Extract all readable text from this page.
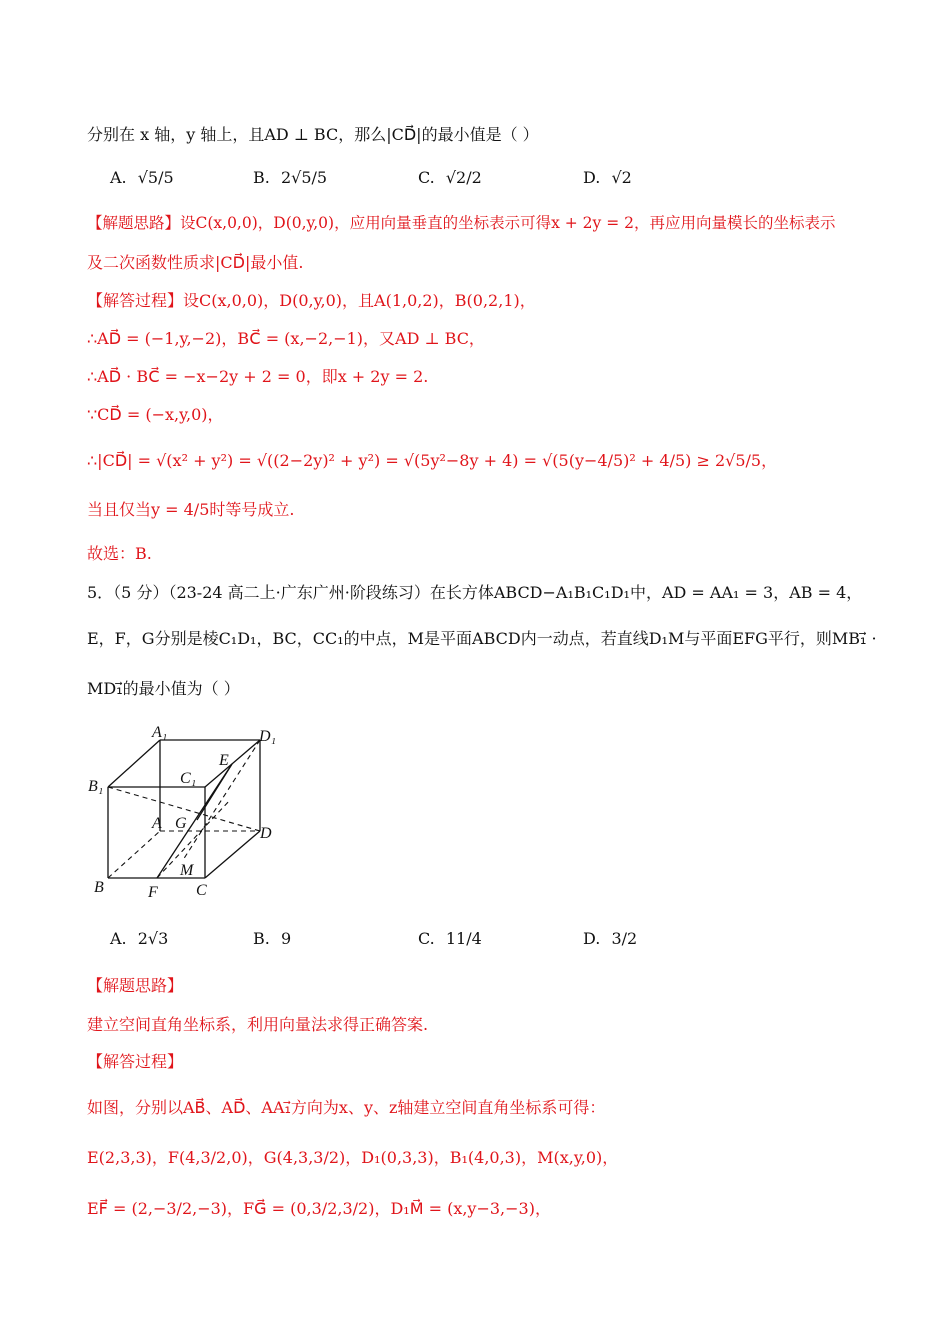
分别在 x 轴，y 轴上，且AD ⊥ BC，那么|CD⃗|的最小值是（ ）
A. √5/5	B. 2√5/5	C. √2/2	D. √2
【解题思路】设C(x,0,0)，D(0,y,0)，应用向量垂直的坐标表示可得x + 2y = 2，再应用向量模长的坐标表示
及二次函数性质求|CD⃗|最小值.
【解答过程】设C(x,0,0)，D(0,y,0)，且A(1,0,2)，B(0,2,1)，
∴AD⃗ = (−1,y,−2)，BC⃗ = (x,−2,−1)，又AD ⊥ BC，
∴AD⃗ · BC⃗ = −x−2y + 2 = 0，即x + 2y = 2.
∵CD⃗ = (−x,y,0)，
∴|CD⃗| = √(x² + y²) = √((2−2y)² + y²) = √(5y²−8y + 4) = √(5(y−4/5)² + 4/5) ≥ 2√5/5，
当且仅当y = 4/5时等号成立.
故选：B.
5．（5 分）（23-24 高二上·广东广州·阶段练习）在长方体ABCD−A₁B₁C₁D₁中，AD = AA₁ = 3，AB = 4，
E，F，G分别是棱C₁D₁，BC，CC₁的中点，M是平面ABCD内一动点，若直线D₁M与平面EFG平行，则MB₁⃗ ·
MD₁⃗的最小值为（ ）
A₁	D₁
E
C₁
B₁
A G
D
M
B	F C
A. 2√3	B. 9	C. 11/4	D. 3/2
【解题思路】
建立空间直角坐标系，利用向量法求得正确答案.
【解答过程】
如图，分别以AB⃗、AD⃗、AA₁⃗方向为x、y、z轴建立空间直角坐标系可得：
E(2,3,3)，F(4,3/2,0)，G(4,3,3/2)，D₁(0,3,3)，B₁(4,0,3)，M(x,y,0)，
EF⃗ = (2,−3/2,−3)，FG⃗ = (0,3/2,3/2)，D₁M⃗ = (x,y−3,−3)，
